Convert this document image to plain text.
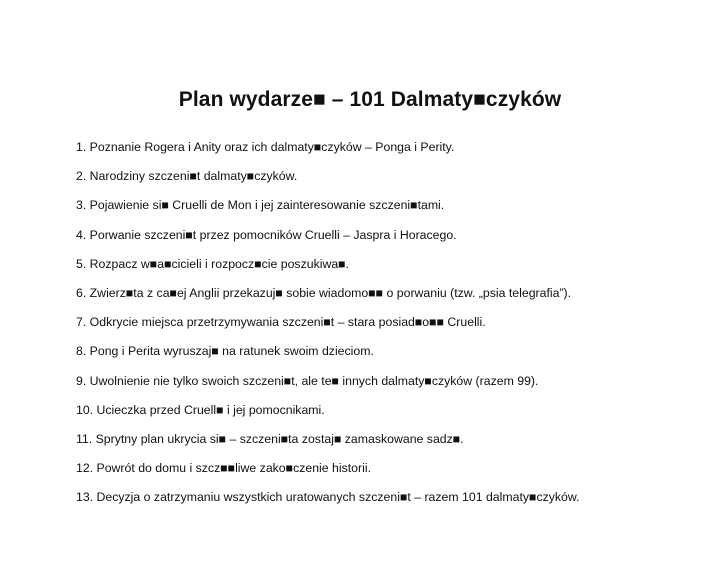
Plan wydarze■ – 101 Dalmaty■czyków
1. Poznanie Rogera i Anity oraz ich dalmaty■czyków – Ponga i Perity.
2. Narodziny szczeni■t dalmaty■czyków.
3. Pojawienie si■ Cruelli de Mon i jej zainteresowanie szczeni■tami.
4. Porwanie szczeni■t przez pomocników Cruelli – Jaspra i Horacego.
5. Rozpacz w■a■cicieli i rozpocz■cie poszukiwa■.
6. Zwierz■ta z ca■ej Anglii przekazuj■ sobie wiadomo■■ o porwaniu (tzw. „psia telegrafia”).
7. Odkrycie miejsca przetrzymywania szczeni■t – stara posiad■o■■ Cruelli.
8. Pong i Perita wyruszaj■ na ratunek swoim dzieciom.
9. Uwolnienie nie tylko swoich szczeni■t, ale te■ innych dalmaty■czyków (razem 99).
10. Ucieczka przed Cruell■ i jej pomocnikami.
11. Sprytny plan ukrycia si■ – szczeni■ta zostaj■ zamaskowane sadz■.
12. Powrót do domu i szcz■■liwe zako■czenie historii.
13. Decyzja o zatrzymaniu wszystkich uratowanych szczeni■t – razem 101 dalmaty■czyków.
